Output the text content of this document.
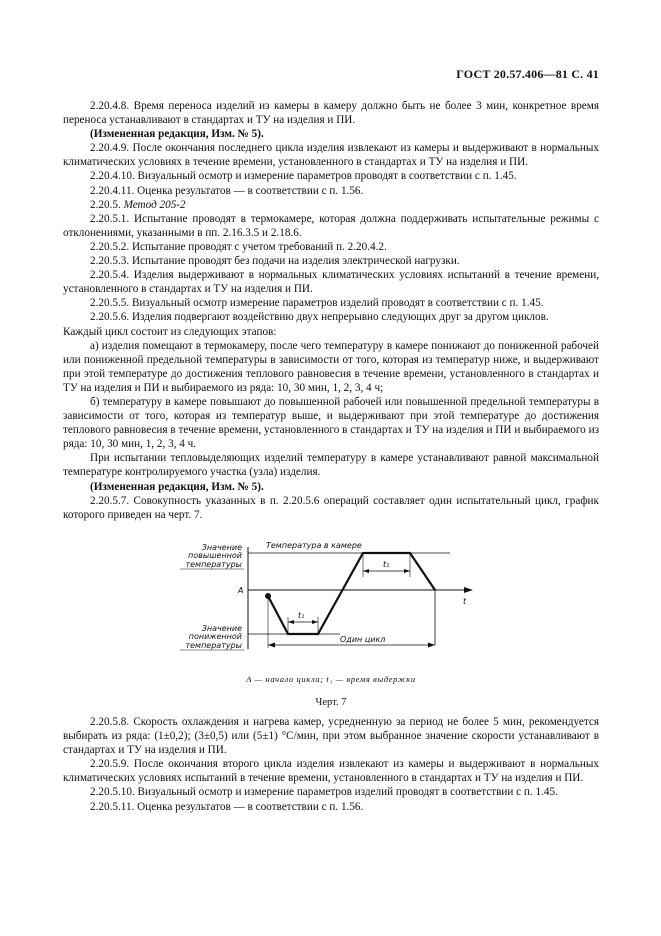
ГОСТ 20.57.406—81 С. 41

2.20.4.8. Время переноса изделий из камеры в камеру должно быть не более 3 мин, конкретное время переноса устанавливают в стандартах и ТУ на изделия и ПИ.

(Измененная редакция, Изм. № 5).

2.20.4.9. После окончания последнего цикла изделия извлекают из камеры и выдерживают в нормальных климатических условиях в течение времени, установленного в стандартах и ТУ на изделия и ПИ.

2.20.4.10. Визуальный осмотр и измерение параметров проводят в соответствии с п. 1.45.

2.20.4.11. Оценка результатов — в соответствии с п. 1.56.

2.20.5. Метод 205-2

2.20.5.1. Испытание проводят в термокамере, которая должна поддерживать испытательные режимы с отклонениями, указанными в пп. 2.16.3.5 и 2.18.6.

2.20.5.2. Испытание проводят с учетом требований п. 2.20.4.2.

2.20.5.3. Испытание проводят без подачи на изделия электрической нагрузки.

2.20.5.4. Изделия выдерживают в нормальных климатических условиях испытаний в течение времени, установленного в стандартах и ТУ на изделия и ПИ.

2.20.5.5. Визуальный осмотр измерение параметров изделий проводят в соответствии с п. 1.45.

2.20.5.6. Изделия подвергают воздействию двух непрерывно следующих друг за другом циклов.

Каждый цикл состоит из следующих этапов:

а) изделия помещают в термокамеру, после чего температуру в камере понижают до пониженной рабочей или пониженной предельной температуры в зависимости от того, которая из температур ниже, и выдерживают при этой температуре до достижения теплового равновесия в течение времени, установленного в стандартах и ТУ на изделия и ПИ и выбираемого из ряда: 10, 30 мин, 1, 2, 3, 4 ч;

б) температуру в камере повышают до повышенной рабочей или повышенной предельной температуры в зависимости от того, которая из температур выше, и выдерживают при этой температуре до достижения теплового равновесия в течение времени, установленного в стандартах и ТУ на изделия и ПИ и выбираемого из ряда: 10, 30 мин, 1, 2, 3, 4 ч.

При испытании тепловыделяющих изделий температуру в камере устанавливают равной максимальной температуре контролируемого участка (узла) изделия.

(Измененная редакция, Изм. № 5).

2.20.5.7. Совокупность указанных в п. 2.20.5.6 операций составляет один испытательный цикл, график которого приведен на черт. 7.

Значение
повышенной
температуры
Значение
пониженной
температуры
Температура в камере
A
t
t₁
t₁
Один цикл
A — начало цикла; t₁ — время выдержки
Черт. 7

2.20.5.8. Скорость охлаждения и нагрева камер, усредненную за период не более 5 мин, рекомендуется выбирать из ряда: (1±0,2); (3±0,5) или (5±1) °С/мин, при этом выбранное значение скорости устанавливают в стандартах и ТУ на изделия и ПИ.

2.20.5.9. После окончания второго цикла изделия извлекают из камеры и выдерживают в нормальных климатических условиях испытаний в течение времени, установленного в стандартах и ТУ на изделия и ПИ.

2.20.5.10. Визуальный осмотр и измерение параметров изделий проводят в соответствии с п. 1.45.

2.20.5.11. Оценка результатов — в соответствии с п. 1.56.
